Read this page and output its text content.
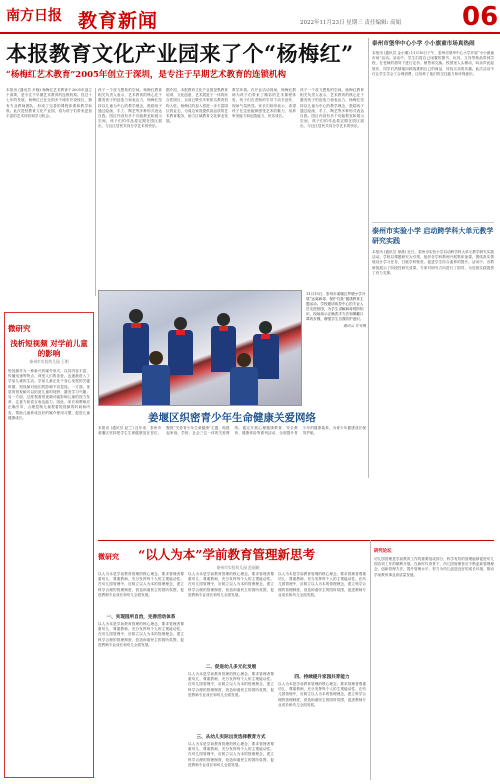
南方日报 教育新闻	2022年11月23日 星期三 责任编辑: 高娟 06
本报教育文化产业园来了个“杨梅红”
“杨梅红艺术教育”2005年创立于深圳，是专注于早期艺术教育的连锁机构
本报讯 (通讯员 尹晓) 杨梅红艺术教育于2005年创立于深圳，是专注于早期艺术教育的连锁机构。经过十七年的发展，杨梅红已在全国多个城市开设校区，拥有专业教师团队，形成了完善的课程体系和教学标准。此次进驻教育文化产业园，将为孩子们带来更加丰富的艺术体验和学习机会。
孩子一个放飞想象的空间。杨梅红教育相关负责人表示，艺术教育的核心在于激发孩子的创造力和表达力，杨梅红坚持以儿童为中心的教学理念，鼓励孩子通过绘画、手工、陶艺等多种形式表达自我。园区内设有多个功能教室和展示空间，孩子们的作品将定期在园区展出，与社区居民共同分享艺术的快乐。
据介绍，本报教育文化产业园是集教育培训、文化创意、艺术展览于一体的综合性园区，目前已吸引多家知名教育机构入驻。杨梅红的加入将进一步丰富园区的业态，为周边家庭提供高品质的艺术教育服务，助力区域教育文化事业发展。
教学环境。在开业活动现场，杨梅红教师为孩子们带来了精彩的艺术课程体验，孩子们在老师的引导下动手创作，现场气氛热烈。家长们纷纷表示，希望孩子在这里能够感受艺术的魅力，培养审美能力和创造能力，快乐成长。
孩子一个放飞想象的空间。杨梅红教育相关负责人表示，艺术教育的核心在于激发孩子的创造力和表达力，杨梅红坚持以儿童为中心的教学理念，鼓励孩子通过绘画、手工、陶艺等多种形式表达自我。园区内设有多个功能教室和展示空间，孩子们的作品将定期在园区展出，与社区居民共同分享艺术的快乐。
泰州市堡华中心小学 小小旗童市场真热闹
本报讯 (通讯员 金小瑾) 11月16日下午，泰州市堡华中心小学开展“小小旗童市场”活动。活动中，学生们将自己闲置的图书、玩具、文具等物品带到学校，在老师的指导下进行定价、销售和交换。校园里人头攒动，叫卖声此起彼伏，同学们热情地向顾客推销自己的商品，体验买卖的乐趣。此次活动不仅让学生学会了合理消费，还培养了他们的交往能力和环保意识。
泰州市实验小学 启动跨学科大单元教学研究实践
本报讯 (通讯员 徐燕) 近日，泰州市实验小学启动跨学科大单元教学研究实践活动。学校以课题研究为引领，组织各学科教师开展集体备课，围绕真实情境设计学习任务，打破学科壁垒，促进学生综合素养的提升。活动中，各教研组展示了阶段性研究成果，专家对研究方向进行了指导，为后续实践提供了有力支撑。
11月15日，泰州市姜堰区罗塘小学开展“远离病毒，保护自我”健康教育主题活动。学校邀请疾控中心的专业人员走进校园，为学生讲解病毒预防知识，现场演示正确洗手方法和佩戴口罩的步骤，增强学生自我防护意识。
通讯员 许昊摄
姜堰区织密青少年生命健康关爱网络
本报讯 (通讯员 赵兰) 近年来，泰州市姜堰区坚持把学生生命健康放在首位，聚焦“关爱青少年生命健康”主题，构建起家庭、学校、社会三位一体的关爱网络。通过开展心理健康教育、安全教育、健康体检等系列活动，全面提升青少年的健康素养，为青少年健康成长保驾护航。
微研究
浅析短视频 对学前儿童的影响
泰州市实验幼儿园 王明
短视频作为一种新兴的媒介形式，以其内容丰富、传播迅速等特点，深受人们的喜爱，也逐渐进入了学前儿童的生活。学前儿童正处于身心发展的关键时期，短视频对他们的影响不容忽视。一方面，优质的短视频可以拓宽儿童的视野，激发学习兴趣；另一方面，过度观看短视频可能影响儿童的视力发育、注意力和语言表达能力。因此，家长和教师应正确引导，合理控制儿童观看短视频的时间和内容，帮助儿童养成良好的媒介使用习惯，促进儿童健康成长。
微研究 “以人为本”学前教育管理新思考
泰州市实验幼儿园 范丽娟
以人为本是学前教育管理的核心理念，要求管理者尊重幼儿、尊重教师，充分发挥每个人的主观能动性。在幼儿园管理中，应树立以人为本的管理理念，建立科学合理的管理制度，营造和谐民主的园所氛围，促进教师专业成长和幼儿全面发展。
一、实现园所自治，完善活动体系
以人为本是学前教育管理的核心理念，要求管理者尊重幼儿、尊重教师，充分发挥每个人的主观能动性。在幼儿园管理中，应树立以人为本的管理理念，建立科学合理的管理制度，营造和谐民主的园所氛围，促进教师专业成长和幼儿全面发展。
以人为本是学前教育管理的核心理念，要求管理者尊重幼儿、尊重教师，充分发挥每个人的主观能动性。在幼儿园管理中，应树立以人为本的管理理念，建立科学合理的管理制度，营造和谐民主的园所氛围，促进教师专业成长和幼儿全面发展。
二、促进幼儿多元化发展
以人为本是学前教育管理的核心理念，要求管理者尊重幼儿、尊重教师，充分发挥每个人的主观能动性。在幼儿园管理中，应树立以人为本的管理理念，建立科学合理的管理制度，营造和谐民主的园所氛围，促进教师专业成长和幼儿全面发展。
三、从幼儿实际出发选择教育方式
以人为本是学前教育管理的核心理念，要求管理者尊重幼儿、尊重教师，充分发挥每个人的主观能动性。在幼儿园管理中，应树立以人为本的管理理念，建立科学合理的管理制度，营造和谐民主的园所氛围，促进教师专业成长和幼儿全面发展。
以人为本是学前教育管理的核心理念，要求管理者尊重幼儿、尊重教师，充分发挥每个人的主观能动性。在幼儿园管理中，应树立以人为本的管理理念，建立科学合理的管理制度，营造和谐民主的园所氛围，促进教师专业成长和幼儿全面发展。
四、持续提升家园共育能力
以人为本是学前教育管理的核心理念，要求管理者尊重幼儿、尊重教师，充分发挥每个人的主观能动性。在幼儿园管理中，应树立以人为本的管理理念，建立科学合理的管理制度，营造和谐民主的园所氛围，促进教师专业成长和幼儿全面发展。
研究论坛
幼儿园管理是学前教育工作的重要组成部分，科学有效的管理能够促进幼儿园各项工作的顺利开展。在新时代背景下，幼儿园管理者应不断更新管理理念，创新管理方法，提升管理水平，努力为幼儿创造良好的成长环境，推动学前教育事业高质量发展。
